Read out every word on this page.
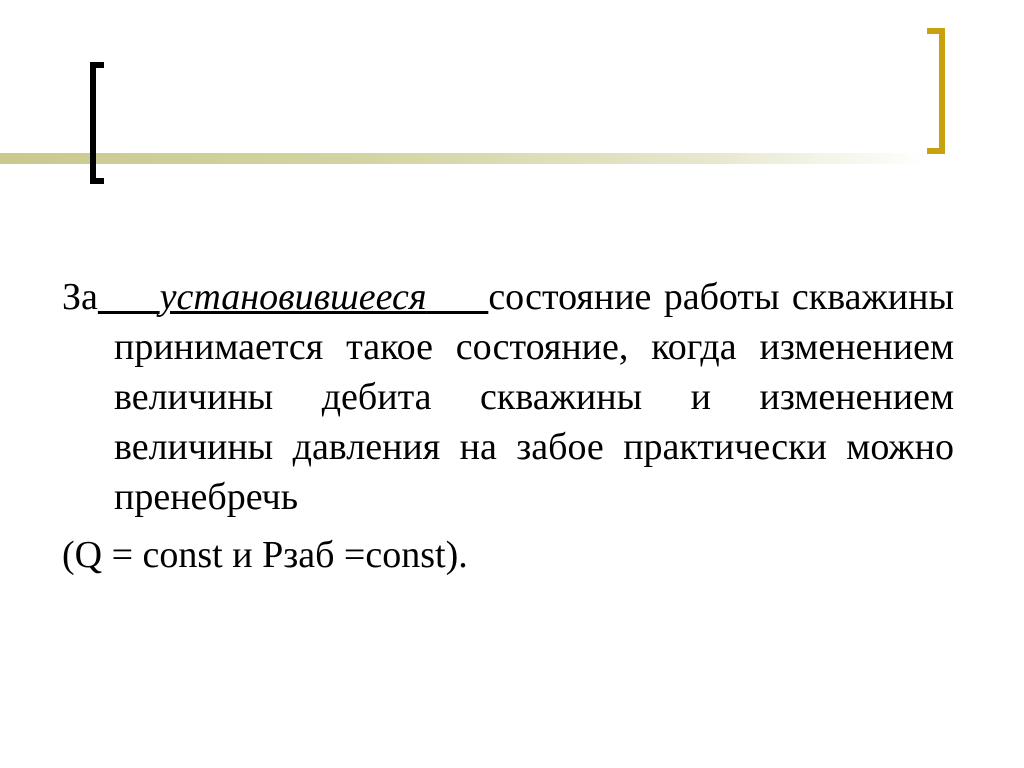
За установившееся состояние работы скважины принимается такое состояние, когда изменением величины дебита скважины и изменением величины давления на забое практически можно пренебречь

(Q = const и Рзаб =const).
